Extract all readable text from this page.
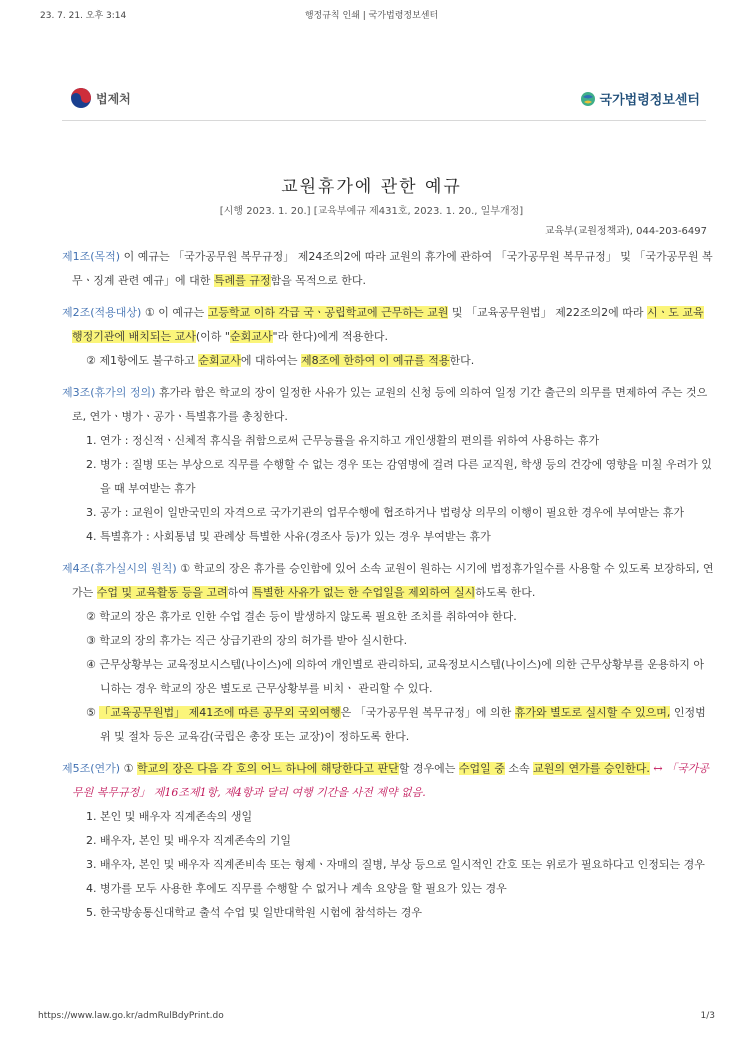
23. 7. 21. 오후 3:14	행정규칙 인쇄 | 국가법령정보센터
법제처	국가법령정보센터
교원휴가에 관한 예규
[시행 2023. 1. 20.] [교육부예규 제431호, 2023. 1. 20., 일부개정]
교육부(교원정책과), 044-203-6497

제1조(목적) 이 예규는 「국가공무원 복무규정」 제24조의2에 따라 교원의 휴가에 관하여 「국가공무원 복무규정」 및 「국가공무원 복무ㆍ징계 관련 예규」에 대한 특례를 규정함을 목적으로 한다.

제2조(적용대상) ① 이 예규는 고등학교 이하 각급 국ㆍ공립학교에 근무하는 교원 및 「교육공무원법」 제22조의2에 따라 시ㆍ도 교육행정기관에 배치되는 교사(이하 "순회교사"라 한다)에게 적용한다.

② 제1항에도 불구하고 순회교사에 대하여는 제8조에 한하여 이 예규를 적용한다.

제3조(휴가의 정의) 휴가라 함은 학교의 장이 일정한 사유가 있는 교원의 신청 등에 의하여 일정 기간 출근의 의무를 면제하여 주는 것으로, 연가ㆍ병가ㆍ공가ㆍ특별휴가를 총칭한다.

1. 연가 : 정신적ㆍ신체적 휴식을 취함으로써 근무능률을 유지하고 개인생활의 편의를 위하여 사용하는 휴가

2. 병가 : 질병 또는 부상으로 직무를 수행할 수 없는 경우 또는 감염병에 걸려 다른 교직원, 학생 등의 건강에 영향을 미칠 우려가 있을 때 부여받는 휴가

3. 공가 : 교원이 일반국민의 자격으로 국가기관의 업무수행에 협조하거나 법령상 의무의 이행이 필요한 경우에 부여받는 휴가

4. 특별휴가 : 사회통념 및 관례상 특별한 사유(경조사 등)가 있는 경우 부여받는 휴가

제4조(휴가실시의 원칙) ① 학교의 장은 휴가를 승인함에 있어 소속 교원이 원하는 시기에 법정휴가일수를 사용할 수 있도록 보장하되, 연가는 수업 및 교육활동 등을 고려하여 특별한 사유가 없는 한 수업일을 제외하여 실시하도록 한다.

② 학교의 장은 휴가로 인한 수업 결손 등이 발생하지 않도록 필요한 조치를 취하여야 한다.

③ 학교의 장의 휴가는 직근 상급기관의 장의 허가를 받아 실시한다.

④ 근무상황부는 교육정보시스템(나이스)에 의하여 개인별로 관리하되, 교육정보시스템(나이스)에 의한 근무상황부를 운용하지 아니하는 경우 학교의 장은 별도로 근무상황부를 비치ㆍ 관리할 수 있다.

⑤ 「교육공무원법」 제41조에 따른 공무외 국외여행은 「국가공무원 복무규정」에 의한 휴가와 별도로 실시할 수 있으며, 인정범위 및 절차 등은 교육감(국립은 총장 또는 교장)이 정하도록 한다.

제5조(연가) ① 학교의 장은 다음 각 호의 어느 하나에 해당한다고 판단할 경우에는 수업일 중 소속 교원의 연가를 승인한다. ↔ 「국가공무원 복무규정」 제16조제1항, 제4항과 달리 여행 기간을 사전 제약 없음.

1. 본인 및 배우자 직계존속의 생일

2. 배우자, 본인 및 배우자 직계존속의 기일

3. 배우자, 본인 및 배우자 직계존비속 또는 형제ㆍ자매의 질병, 부상 등으로 일시적인 간호 또는 위로가 필요하다고 인정되는 경우

4. 병가를 모두 사용한 후에도 직무를 수행할 수 없거나 계속 요양을 할 필요가 있는 경우

5. 한국방송통신대학교 출석 수업 및 일반대학원 시험에 참석하는 경우

https://www.law.go.kr/admRulBdyPrint.do	1/3
